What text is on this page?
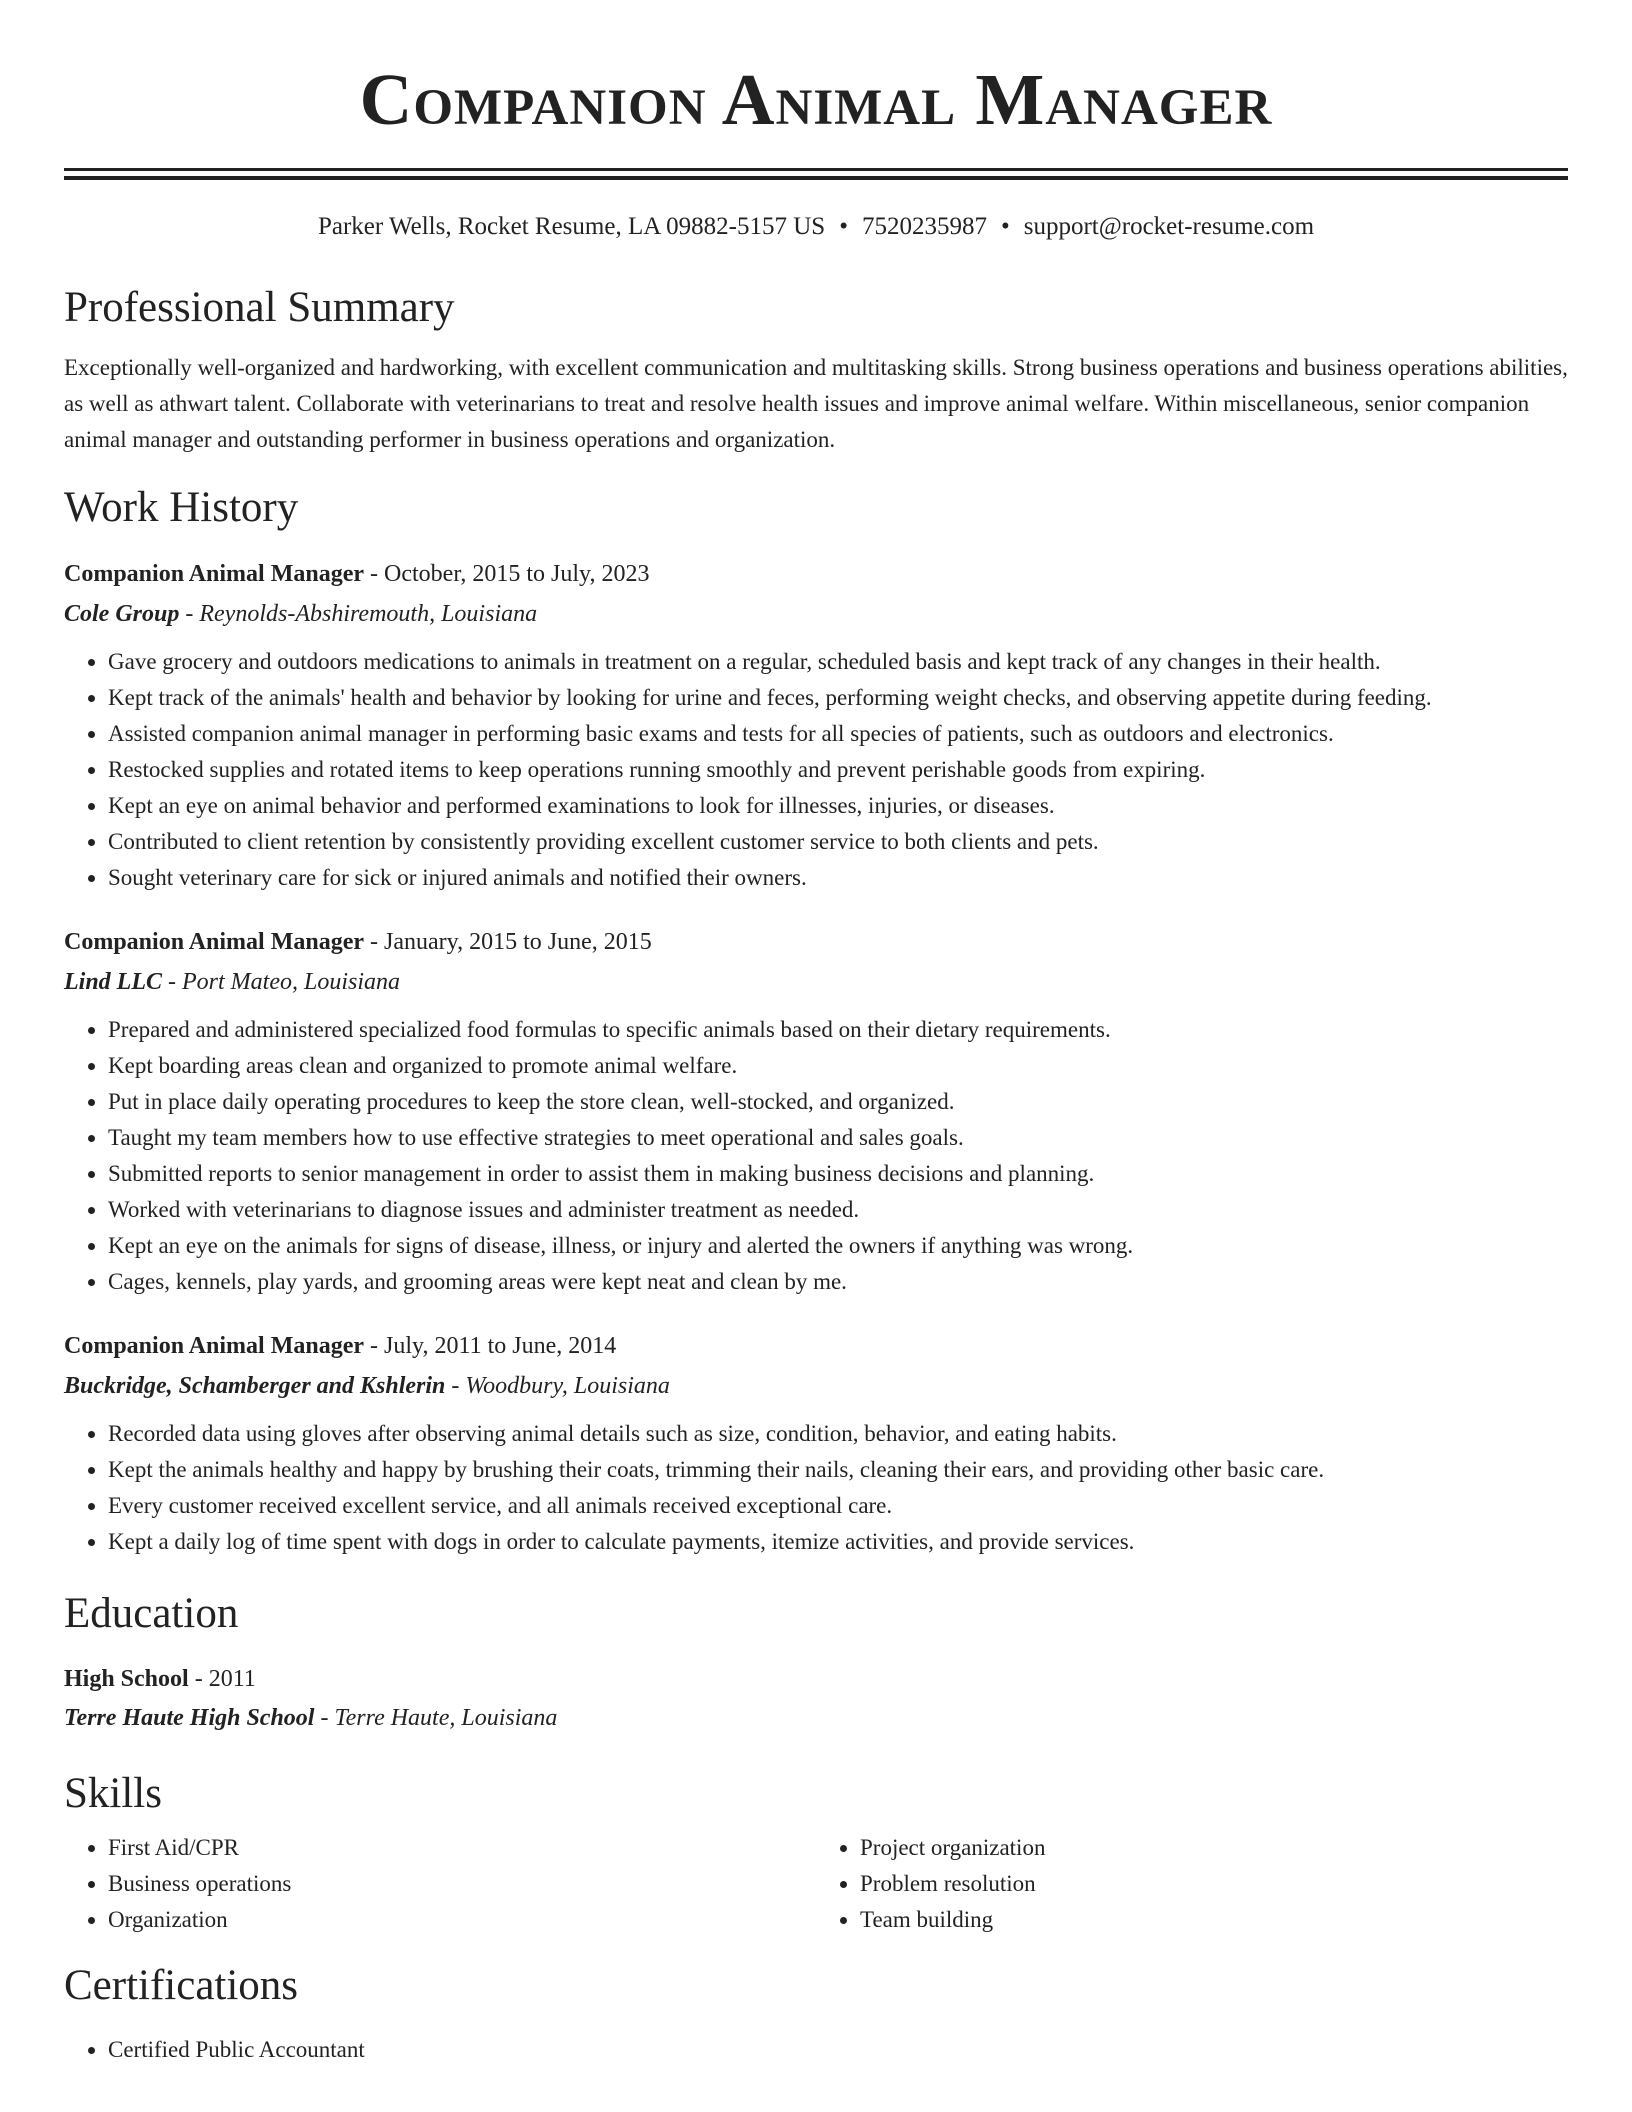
Companion Animal Manager
Parker Wells, Rocket Resume, LA 09882-5157 US • 7520235987 • support@rocket-resume.com
Professional Summary
Exceptionally well-organized and hardworking, with excellent communication and multitasking skills. Strong business operations and business operations abilities, as well as athwart talent. Collaborate with veterinarians to treat and resolve health issues and improve animal welfare. Within miscellaneous, senior companion animal manager and outstanding performer in business operations and organization.
Work History
Companion Animal Manager - October, 2015 to July, 2023
Cole Group - Reynolds-Abshiremouth, Louisiana
• Gave grocery and outdoors medications to animals in treatment on a regular, scheduled basis and kept track of any changes in their health.
• Kept track of the animals' health and behavior by looking for urine and feces, performing weight checks, and observing appetite during feeding.
• Assisted companion animal manager in performing basic exams and tests for all species of patients, such as outdoors and electronics.
• Restocked supplies and rotated items to keep operations running smoothly and prevent perishable goods from expiring.
• Kept an eye on animal behavior and performed examinations to look for illnesses, injuries, or diseases.
• Contributed to client retention by consistently providing excellent customer service to both clients and pets.
• Sought veterinary care for sick or injured animals and notified their owners.
Companion Animal Manager - January, 2015 to June, 2015
Lind LLC - Port Mateo, Louisiana
• Prepared and administered specialized food formulas to specific animals based on their dietary requirements.
• Kept boarding areas clean and organized to promote animal welfare.
• Put in place daily operating procedures to keep the store clean, well-stocked, and organized.
• Taught my team members how to use effective strategies to meet operational and sales goals.
• Submitted reports to senior management in order to assist them in making business decisions and planning.
• Worked with veterinarians to diagnose issues and administer treatment as needed.
• Kept an eye on the animals for signs of disease, illness, or injury and alerted the owners if anything was wrong.
• Cages, kennels, play yards, and grooming areas were kept neat and clean by me.
Companion Animal Manager - July, 2011 to June, 2014
Buckridge, Schamberger and Kshlerin - Woodbury, Louisiana
• Recorded data using gloves after observing animal details such as size, condition, behavior, and eating habits.
• Kept the animals healthy and happy by brushing their coats, trimming their nails, cleaning their ears, and providing other basic care.
• Every customer received excellent service, and all animals received exceptional care.
• Kept a daily log of time spent with dogs in order to calculate payments, itemize activities, and provide services.
Education
High School - 2011
Terre Haute High School - Terre Haute, Louisiana
Skills
• First Aid/CPR
• Business operations
• Organization
• Project organization
• Problem resolution
• Team building
Certifications
• Certified Public Accountant
